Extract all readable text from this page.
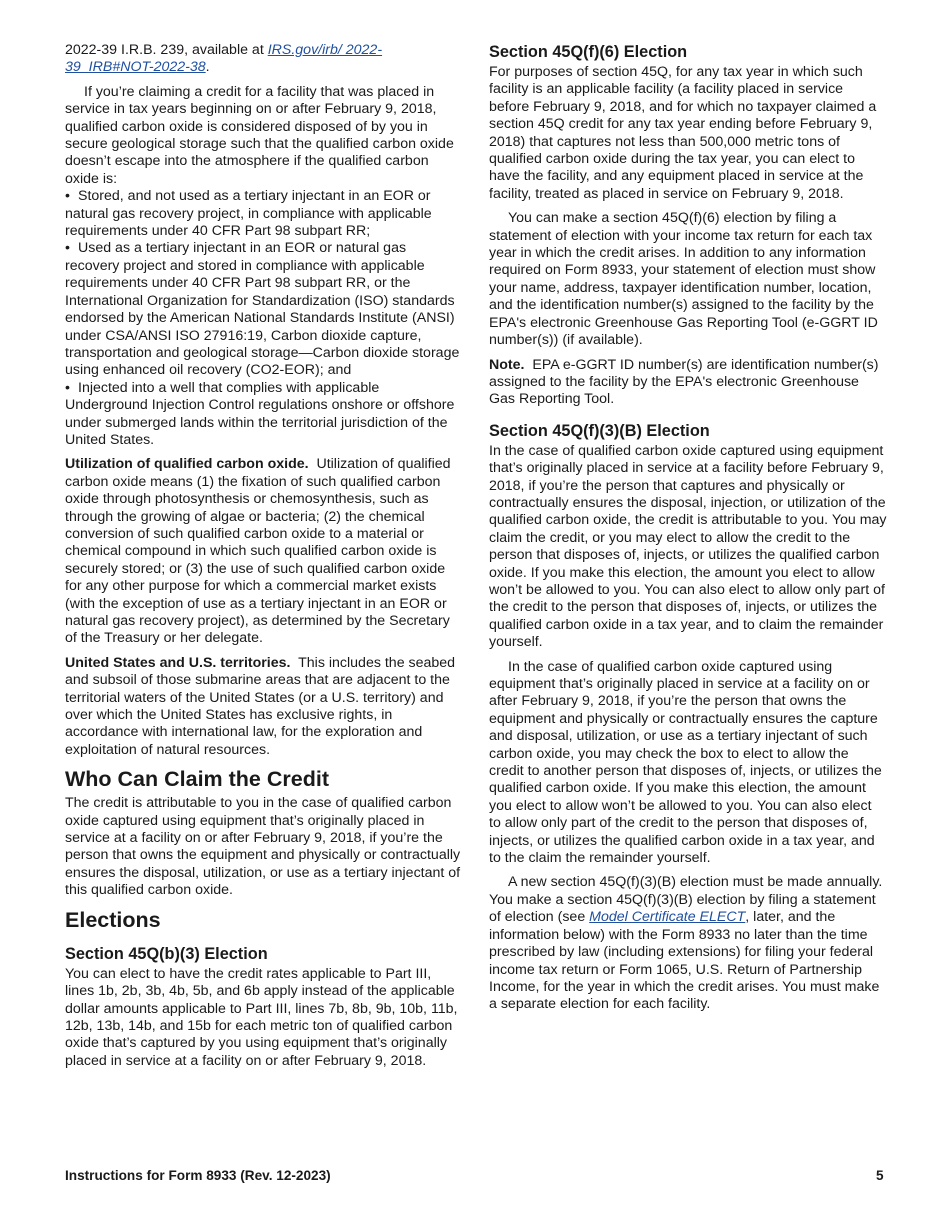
2022-39 I.R.B. 239, available at IRS.gov/irb/ 2022-39_IRB#NOT-2022-38.

If you’re claiming a credit for a facility that was placed in service in tax years beginning on or after February 9, 2018, qualified carbon oxide is considered disposed of by you in secure geological storage such that the qualified carbon oxide doesn’t escape into the atmosphere if the qualified carbon oxide is:

• Stored, and not used as a tertiary injectant in an EOR or natural gas recovery project, in compliance with applicable requirements under 40 CFR Part 98 subpart RR;

• Used as a tertiary injectant in an EOR or natural gas recovery project and stored in compliance with applicable requirements under 40 CFR Part 98 subpart RR, or the International Organization for Standardization (ISO) standards endorsed by the American National Standards Institute (ANSI) under CSA/ANSI ISO 27916:19, Carbon dioxide capture, transportation and geological storage—Carbon dioxide storage using enhanced oil recovery (CO2-EOR); and

• Injected into a well that complies with applicable Underground Injection Control regulations onshore or offshore under submerged lands within the territorial jurisdiction of the United States.

Utilization of qualified carbon oxide. Utilization of qualified carbon oxide means (1) the fixation of such qualified carbon oxide through photosynthesis or chemosynthesis, such as through the growing of algae or bacteria; (2) the chemical conversion of such qualified carbon oxide to a material or chemical compound in which such qualified carbon oxide is securely stored; or (3) the use of such qualified carbon oxide for any other purpose for which a commercial market exists (with the exception of use as a tertiary injectant in an EOR or natural gas recovery project), as determined by the Secretary of the Treasury or her delegate.

United States and U.S. territories. This includes the seabed and subsoil of those submarine areas that are adjacent to the territorial waters of the United States (or a U.S. territory) and over which the United States has exclusive rights, in accordance with international law, for the exploration and exploitation of natural resources.

Who Can Claim the Credit

The credit is attributable to you in the case of qualified carbon oxide captured using equipment that’s originally placed in service at a facility on or after February 9, 2018, if you’re the person that owns the equipment and physically or contractually ensures the disposal, utilization, or use as a tertiary injectant of this qualified carbon oxide.

Elections
Section 45Q(b)(3) Election

You can elect to have the credit rates applicable to Part III, lines 1b, 2b, 3b, 4b, 5b, and 6b apply instead of the applicable dollar amounts applicable to Part III, lines 7b, 8b, 9b, 10b, 11b, 12b, 13b, 14b, and 15b for each metric ton of qualified carbon oxide that’s captured by you using equipment that’s originally placed in service at a facility on or after February 9, 2018.

Section 45Q(f)(6) Election

For purposes of section 45Q, for any tax year in which such facility is an applicable facility (a facility placed in service before February 9, 2018, and for which no taxpayer claimed a section 45Q credit for any tax year ending before February 9, 2018) that captures not less than 500,000 metric tons of qualified carbon oxide during the tax year, you can elect to have the facility, and any equipment placed in service at the facility, treated as placed in service on February 9, 2018.

You can make a section 45Q(f)(6) election by filing a statement of election with your income tax return for each tax year in which the credit arises. In addition to any information required on Form 8933, your statement of election must show your name, address, taxpayer identification number, location, and the identification number(s) assigned to the facility by the EPA's electronic Greenhouse Gas Reporting Tool (e-GGRT ID number(s)) (if available).

Note. EPA e-GGRT ID number(s) are identification number(s) assigned to the facility by the EPA's electronic Greenhouse Gas Reporting Tool.

Section 45Q(f)(3)(B) Election

In the case of qualified carbon oxide captured using equipment that’s originally placed in service at a facility before February 9, 2018, if you’re the person that captures and physically or contractually ensures the disposal, injection, or utilization of the qualified carbon oxide, the credit is attributable to you. You may claim the credit, or you may elect to allow the credit to the person that disposes of, injects, or utilizes the qualified carbon oxide. If you make this election, the amount you elect to allow won’t be allowed to you. You can also elect to allow only part of the credit to the person that disposes of, injects, or utilizes the qualified carbon oxide in a tax year, and to claim the remainder yourself.

In the case of qualified carbon oxide captured using equipment that’s originally placed in service at a facility on or after February 9, 2018, if you’re the person that owns the equipment and physically or contractually ensures the capture and disposal, utilization, or use as a tertiary injectant of such carbon oxide, you may check the box to elect to allow the credit to another person that disposes of, injects, or utilizes the qualified carbon oxide. If you make this election, the amount you elect to allow won’t be allowed to you. You can also elect to allow only part of the credit to the person that disposes of, injects, or utilizes the qualified carbon oxide in a tax year, and to the claim the remainder yourself.

A new section 45Q(f)(3)(B) election must be made annually. You make a section 45Q(f)(3)(B) election by filing a statement of election (see Model Certificate ELECT, later, and the information below) with the Form 8933 no later than the time prescribed by law (including extensions) for filing your federal income tax return or Form 1065, U.S. Return of Partnership Income, for the year in which the credit arises. You must make a separate election for each facility.

Instructions for Form 8933 (Rev. 12-2023)	5
